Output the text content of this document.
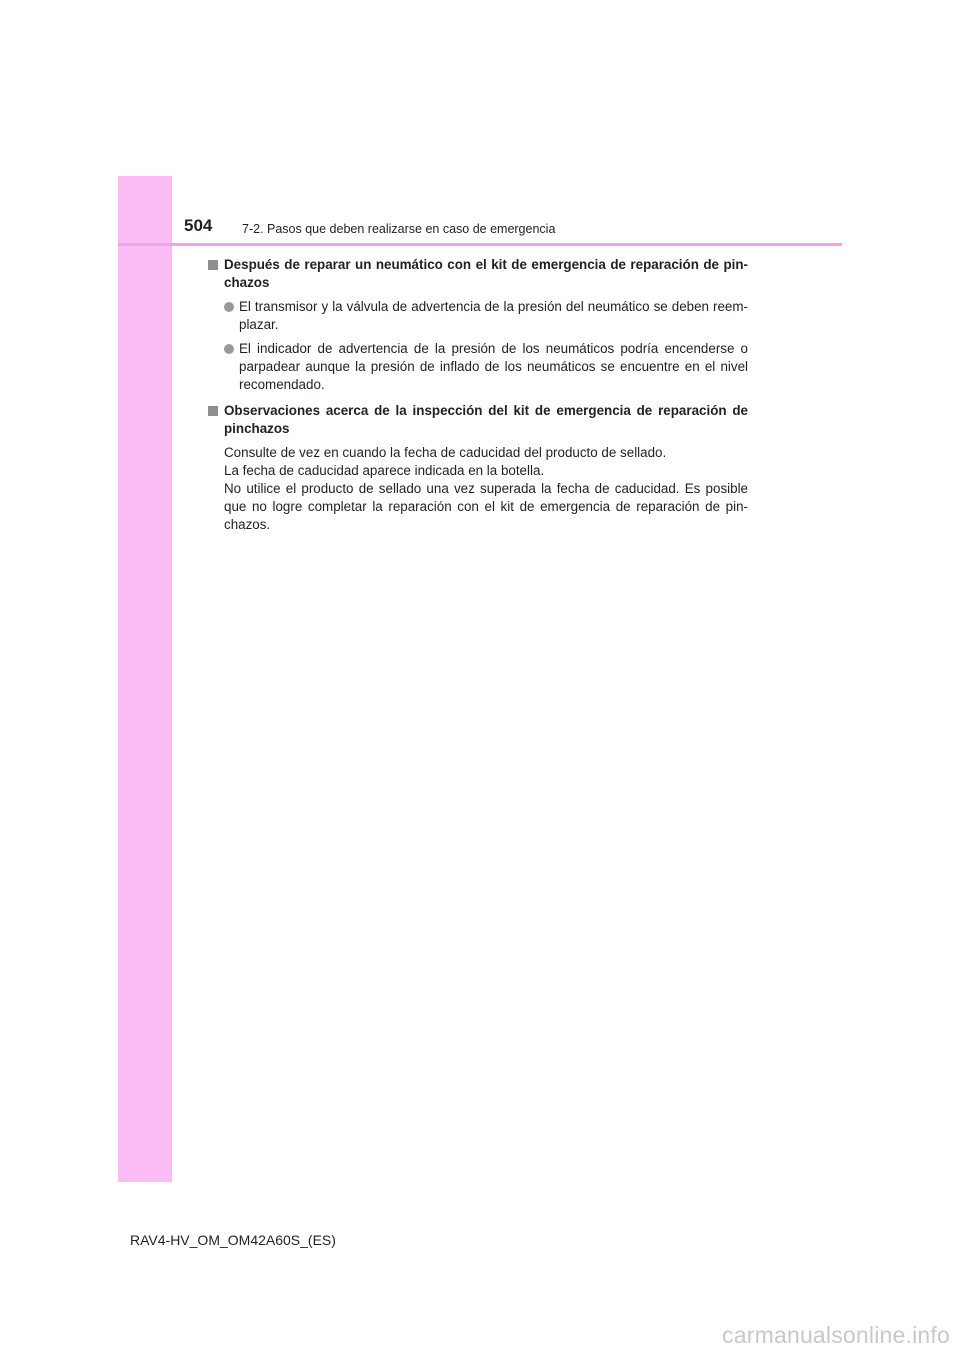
504 7-2. Pasos que deben realizarse en caso de emergencia
Después de reparar un neumático con el kit de emergencia de reparación de pin-chazos
El transmisor y la válvula de advertencia de la presión del neumático se deben reem-plazar.
El indicador de advertencia de la presión de los neumáticos podría encenderse o parpadear aunque la presión de inflado de los neumáticos se encuentre en el nivel recomendado.
Observaciones acerca de la inspección del kit de emergencia de reparación de pinchazos
Consulte de vez en cuando la fecha de caducidad del producto de sellado.
La fecha de caducidad aparece indicada en la botella.
No utilice el producto de sellado una vez superada la fecha de caducidad. Es posible que no logre completar la reparación con el kit de emergencia de reparación de pin-chazos.
RAV4-HV_OM_OM42A60S_(ES)
carmanualsonline.info
